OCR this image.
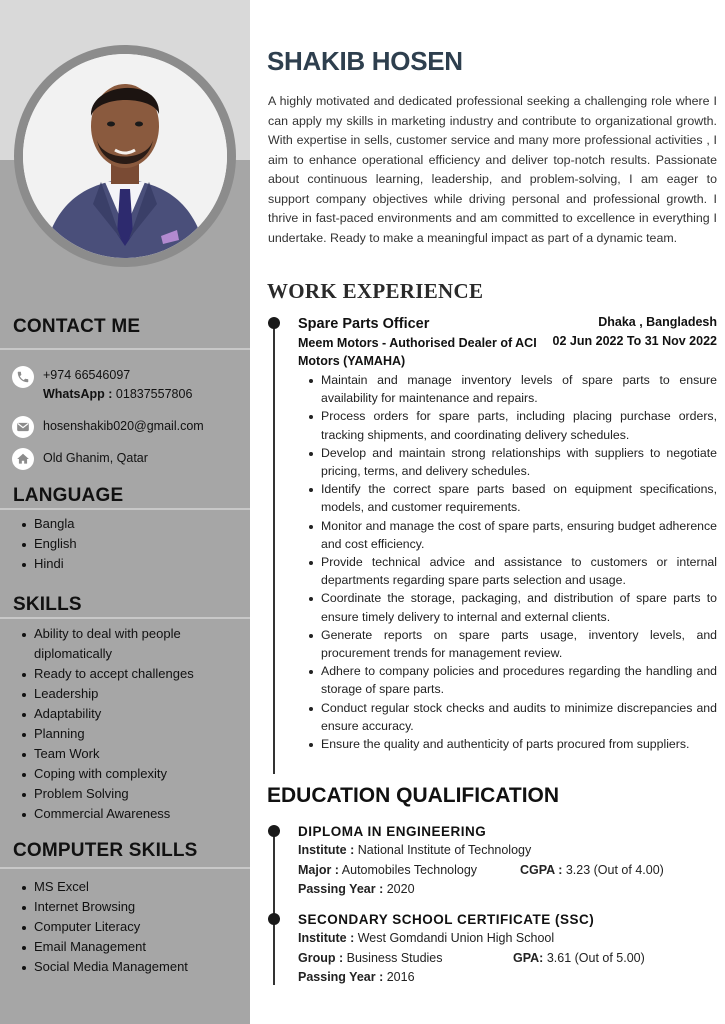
CONTACT ME
+974 66546097
WhatsApp : 01837557806
hosenshakib020@gmail.com
Old Ghanim, Qatar
LANGUAGE
Bangla
English
Hindi
SKILLS
Ability to deal with people diplomatically
Ready to accept challenges
Leadership
Adaptability
Planning
Team Work
Coping with complexity
Problem Solving
Commercial Awareness
COMPUTER SKILLS
MS Excel
Internet Browsing
Computer Literacy
Email Management
Social Media Management
SHAKIB HOSEN
A highly motivated and dedicated professional seeking a challenging role where I can apply my skills in marketing industry and contribute to organizational growth. With expertise in sells, customer service and many more professional activities , I aim to enhance operational efficiency and deliver top-notch results. Passionate about continuous learning, leadership, and problem-solving, I am eager to support company objectives while driving personal and professional growth. I thrive in fast-paced environments and am committed to excellence in everything I undertake. Ready to make a meaningful impact as part of a dynamic team.
WORK EXPERIENCE
Spare Parts Officer	Dhaka , Bangladesh
Meem Motors - Authorised Dealer of ACI Motors (YAMAHA)
02 Jun 2022 To 31 Nov 2022
Maintain and manage inventory levels of spare parts to ensure availability for maintenance and repairs.
Process orders for spare parts, including placing purchase orders, tracking shipments, and coordinating delivery schedules.
Develop and maintain strong relationships with suppliers to negotiate pricing, terms, and delivery schedules.
Identify the correct spare parts based on equipment specifications, models, and customer requirements.
Monitor and manage the cost of spare parts, ensuring budget adherence and cost efficiency.
Provide technical advice and assistance to customers or internal departments regarding spare parts selection and usage.
Coordinate the storage, packaging, and distribution of spare parts to ensure timely delivery to internal and external clients.
Generate reports on spare parts usage, inventory levels, and procurement trends for management review.
Adhere to company policies and procedures regarding the handling and storage of spare parts.
Conduct regular stock checks and audits to minimize discrepancies and ensure accuracy.
Ensure the quality and authenticity of parts procured from suppliers.
EDUCATION QUALIFICATION
DIPLOMA IN ENGINEERING
Institute : National Institute of Technology
Major : Automobiles Technology	CGPA : 3.23 (Out of 4.00)
Passing Year : 2020
SECONDARY SCHOOL CERTIFICATE (SSC)
Institute : West Gomdandi Union High School
Group : Business Studies	GPA: 3.61 (Out of 5.00)
Passing Year : 2016
